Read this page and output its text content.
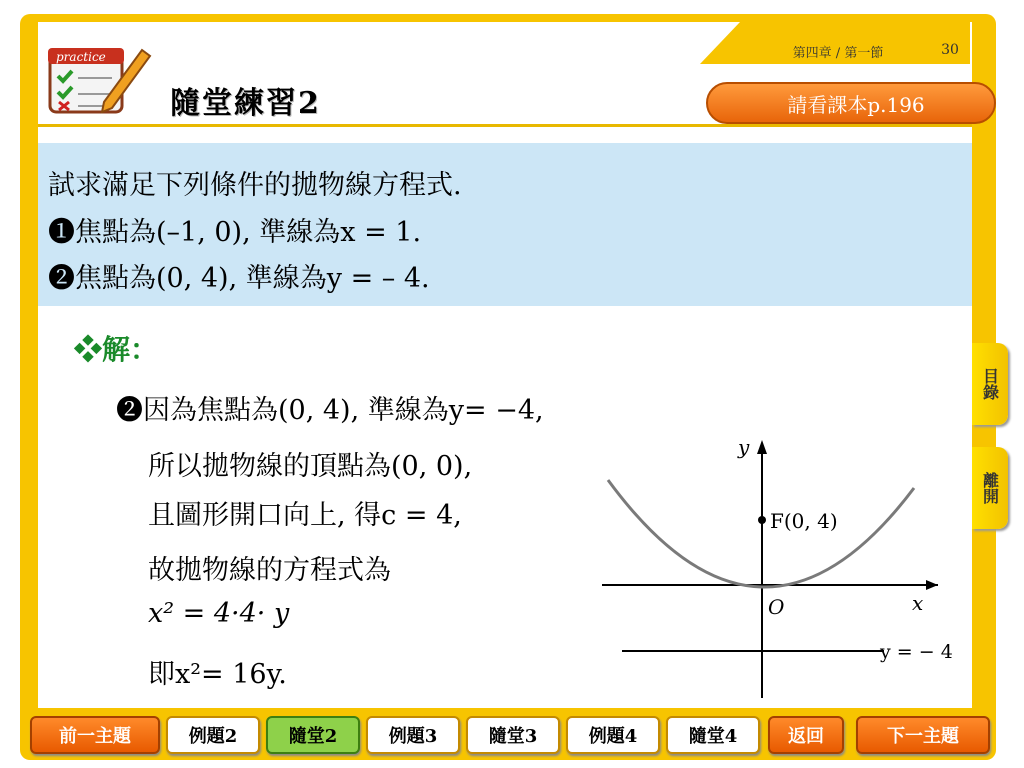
第四章 / 第一節	30
請看課本p.196
practice
隨堂練習2
試求滿足下列條件的拋物線方程式.
❶焦點為(–1, 0), 準線為x = 1.
❷焦點為(0, 4), 準線為y = – 4.
❖解：
❷因為焦點為(0, 4), 準線為y= −4,
所以拋物線的頂點為(0, 0),
且圖形開口向上, 得c = 4,
故拋物線的方程式為
x² = 4·4· y
即x²= 16y.
y
x
O
F(0, 4)
y = − 4
目錄
離開
前一主題	例題2	隨堂2	例題3	隨堂3	例題4	隨堂4	返回	下一主題
